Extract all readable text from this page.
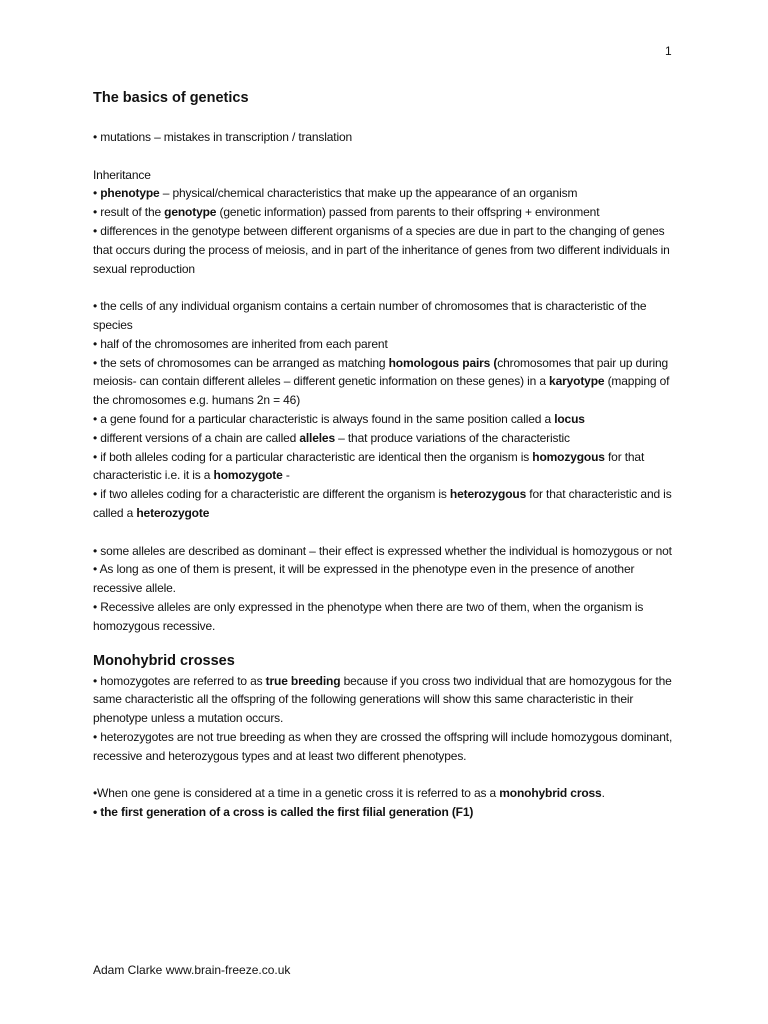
1
The basics of genetics

• mutations – mistakes in transcription / translation

Inheritance

• phenotype – physical/chemical characteristics that make up the appearance of an organism

• result of the genotype (genetic information) passed from parents to their offspring + environment

• differences in the genotype between different organisms of a species are due in part to the changing of genes that occurs during the process of meiosis, and in part of the inheritance of genes from two different individuals in sexual reproduction

• the cells of any individual organism contains a certain number of chromosomes that is characteristic of the species

• half of the chromosomes are inherited from each parent

• the sets of chromosomes can be arranged as matching homologous pairs (chromosomes that pair up during meiosis- can contain different alleles – different genetic information on these genes) in a karyotype (mapping of the chromosomes e.g. humans 2n = 46)

• a gene found for a particular characteristic is always found in the same position called a locus

• different versions of a chain are called alleles – that produce variations of the characteristic

• if both alleles coding for a particular characteristic are identical then the organism is homozygous for that characteristic i.e. it is a homozygote -

• if two alleles coding for a characteristic are different the organism is heterozygous for that characteristic and is called a heterozygote

• some alleles are described as dominant – their effect is expressed whether the individual is homozygous or not

• As long as one of them is present, it will be expressed in the phenotype even in the presence of another recessive allele.

• Recessive alleles are only expressed in the phenotype when there are two of them, when the organism is homozygous recessive.

Monohybrid crosses

• homozygotes are referred to as true breeding because if you cross two individual that are homozygous for the same characteristic all the offspring of the following generations will show this same characteristic in their phenotype unless a mutation occurs.

• heterozygotes are not true breeding as when they are crossed the offspring will include homozygous dominant, recessive and heterozygous types and at least two different phenotypes.

•When one gene is considered at a time in a genetic cross it is referred to as a monohybrid cross.

• the first generation of a cross is called the first filial generation (F1)

Adam Clarke www.brain-freeze.co.uk
